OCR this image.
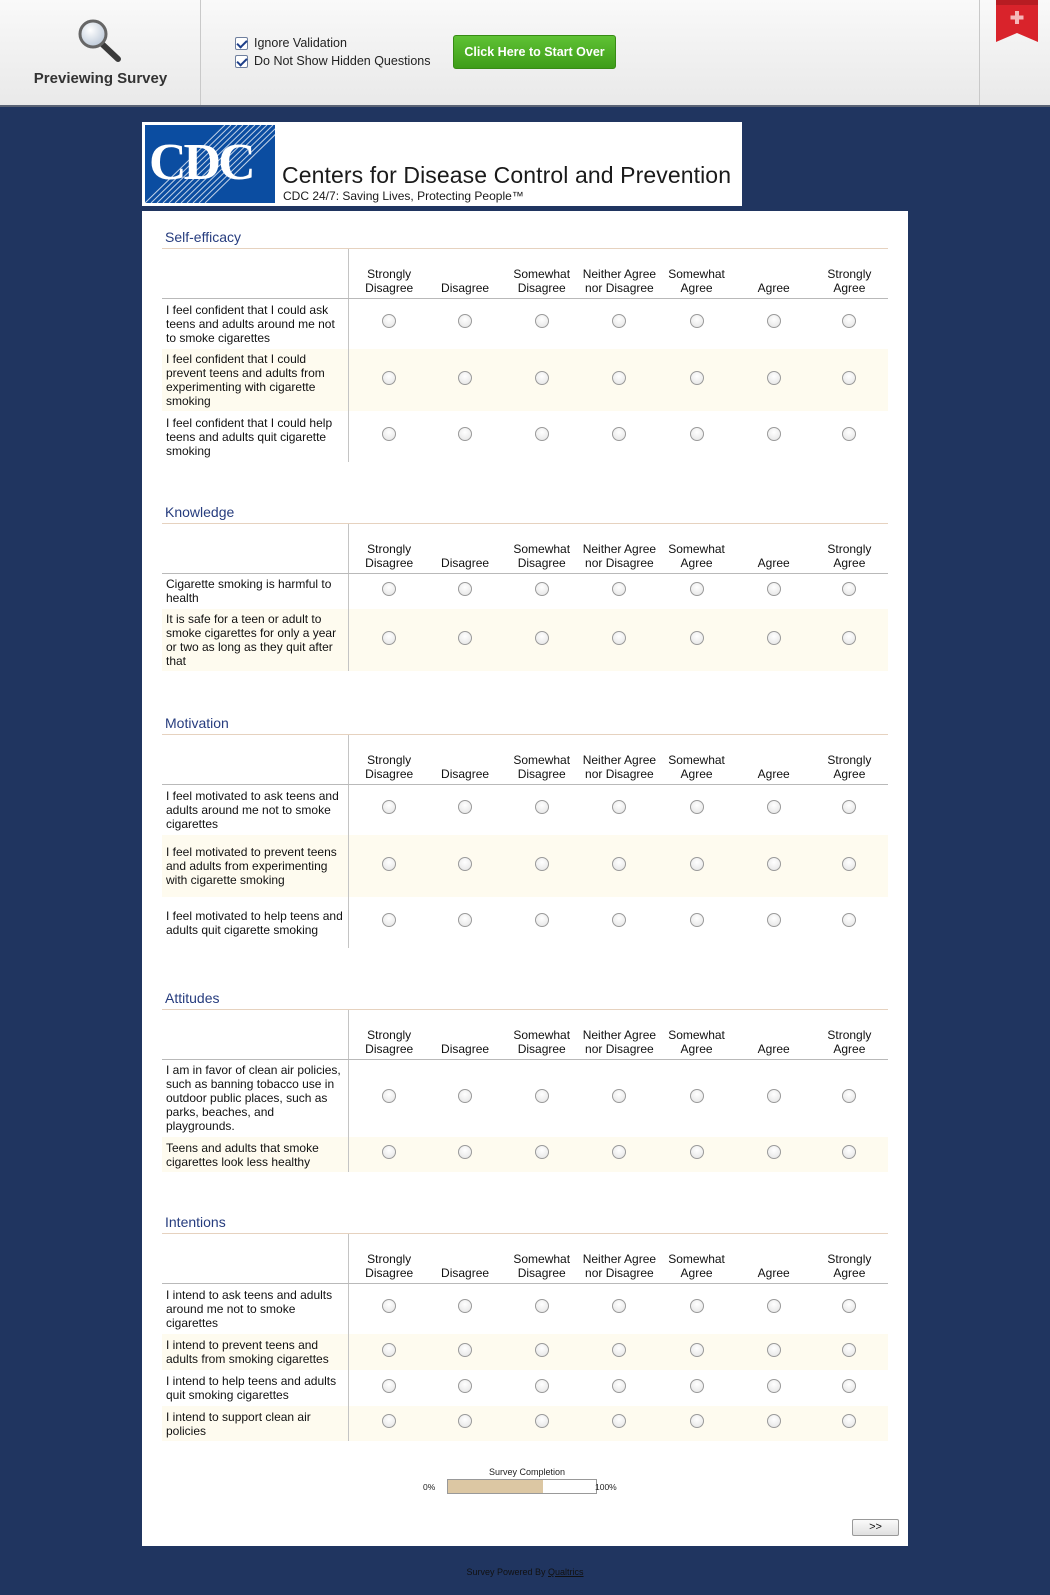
Previewing Survey
Ignore Validation
Do Not Show Hidden Questions
Click Here to Start Over
CDC Centers for Disease Control and Prevention
CDC 24/7: Saving Lives, Protecting People™
Self-efficacy
	Strongly Disagree	Disagree	Somewhat Disagree	Neither Agree nor Disagree	Somewhat Agree	Agree	Strongly Agree
I feel confident that I could ask teens and adults around me not to smoke cigarettes							
I feel confident that I could prevent teens and adults from experimenting with cigarette smoking							
I feel confident that I could help teens and adults quit cigarette smoking							
Knowledge
	Strongly Disagree	Disagree	Somewhat Disagree	Neither Agree nor Disagree	Somewhat Agree	Agree	Strongly Agree
Cigarette smoking is harmful to health							
It is safe for a teen or adult to smoke cigarettes for only a year or two as long as they quit after that							
Motivation
	Strongly Disagree	Disagree	Somewhat Disagree	Neither Agree nor Disagree	Somewhat Agree	Agree	Strongly Agree
I feel motivated to ask teens and adults around me not to smoke cigarettes							
I feel motivated to prevent teens and adults from experimenting with cigarette smoking							
I feel motivated to help teens and adults quit cigarette smoking							
Attitudes
	Strongly Disagree	Disagree	Somewhat Disagree	Neither Agree nor Disagree	Somewhat Agree	Agree	Strongly Agree
I am in favor of clean air policies, such as banning tobacco use in outdoor public places, such as parks, beaches, and playgrounds.							
Teens and adults that smoke cigarettes look less healthy							
Intentions
	Strongly Disagree	Disagree	Somewhat Disagree	Neither Agree nor Disagree	Somewhat Agree	Agree	Strongly Agree
I intend to ask teens and adults around me not to smoke cigarettes							
I intend to prevent teens and adults from smoking cigarettes							
I intend to help teens and adults quit smoking cigarettes							
I intend to support clean air policies							
Survey Completion
0%	100%
>>
Survey Powered By Qualtrics
